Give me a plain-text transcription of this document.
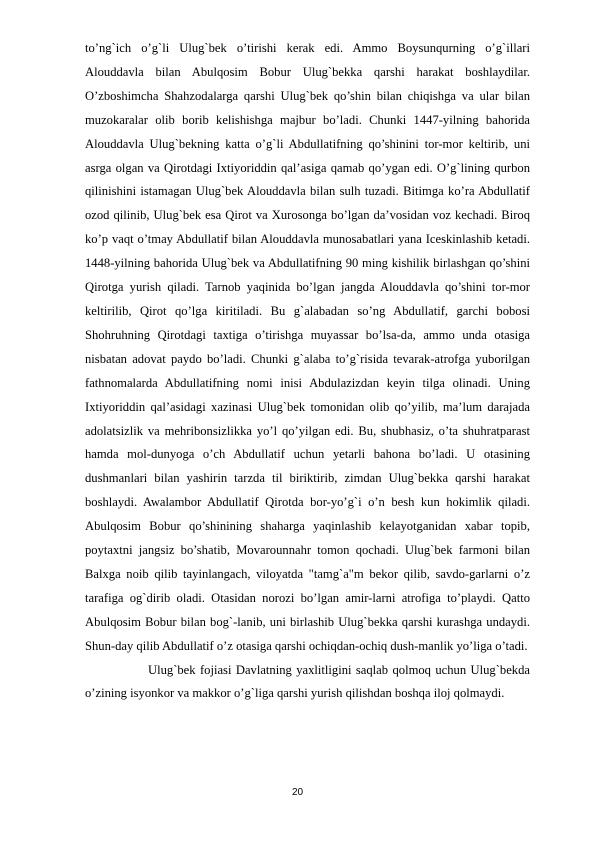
to’ng`ich o’g`li Ulug`bek o’tirishi kerak edi. Ammo Boysunqurning o’g`illari Alouddavla bilan Abulqosim Bobur Ulug`bekka qarshi harakat boshlaydilar. O’zboshimcha Shahzodalarga qarshi Ulug`bek qo’shin bilan chiqishga va ular bilan muzokaralar olib borib kelishishga majbur bo’ladi. Chunki 1447-yilning bahorida Alouddavla Ulug`bekning katta o’g`li Abdullatifning qo’shinini tor-mor keltirib, uni asrga olgan va Qirotdagi Ixtiyoriddin qal’asiga qamab qo’ygan edi. O’g`lining qurbon qilinishini istamagan Ulug`bek Alouddavla bilan sulh tuzadi. Bitimga ko’ra Abdullatif ozod qilinib, Ulug`bek esa Qirot va Xurosonga bo’lgan da’vosidan voz kechadi. Biroq ko’p vaqt o’tmay Abdullatif bilan Alouddavla munosabatlari yana Iceskinlashib ketadi. 1448-yilning bahorida Ulug`bek va Abdullatifning 90 ming kishilik birlashgan qo’shini Qirotga yurish qiladi. Tarnob yaqinida bo’lgan jangda Alouddavla qo’shini tor-mor keltirilib, Qirot qo’lga kiritiladi. Bu g`alabadan so’ng Abdullatif, garchi bobosi Shohruhning Qirotdagi taxtiga o’tirishga muyassar bo’lsa-da, ammo unda otasiga nisbatan adovat paydo bo’ladi. Chunki g`alaba to’g`risida tevarak-atrofga yuborilgan fathnomalarda Abdullatifning nomi inisi Abdulazizdan keyin tilga olinadi. Uning Ixtiyoriddin qal’asidagi xazinasi Ulug`bek tomonidan olib qo’yilib, ma’lum darajada adolatsizlik va mehribonsizlikka yo’l qo’yilgan edi. Bu, shubhasiz, o’ta shuhratparast hamda mol-dunyoga o’ch Abdullatif uchun yetarli bahona bo’ladi. U otasining dushmanlari bilan yashirin tarzda til biriktirib, zimdan Ulug`bekka qarshi harakat boshlaydi. Awalambor Abdullatif Qirotda bor-yo’g`i o’n besh kun hokimlik qiladi. Abulqosim Bobur qo’shinining shaharga yaqinlashib kelayotganidan xabar topib, poytaxtni jangsiz bo’shatib, Movarounnahr tomon qochadi. Ulug`bek farmoni bilan Balxga noib qilib tayinlangach, viloyatda "tamg`a"m bekor qilib, savdo-garlarni o’z tarafiga og`dirib oladi. Otasidan norozi bo’lgan amir-larni atrofiga to’playdi. Qatto Abulqosim Bobur bilan bog`-lanib, uni birlashib Ulug`bekka qarshi kurashga undaydi. Shun-day qilib Abdullatif o’z otasiga qarshi ochiqdan-ochiq dush-manlik yo’liga o’tadi.

Ulug`bek fojiasi Davlatning yaxlitligini saqlab qolmoq uchun Ulug`bekda o’zining isyonkor va makkor o’g`liga qarshi yurish qilishdan boshqa iloj qolmaydi.

20
